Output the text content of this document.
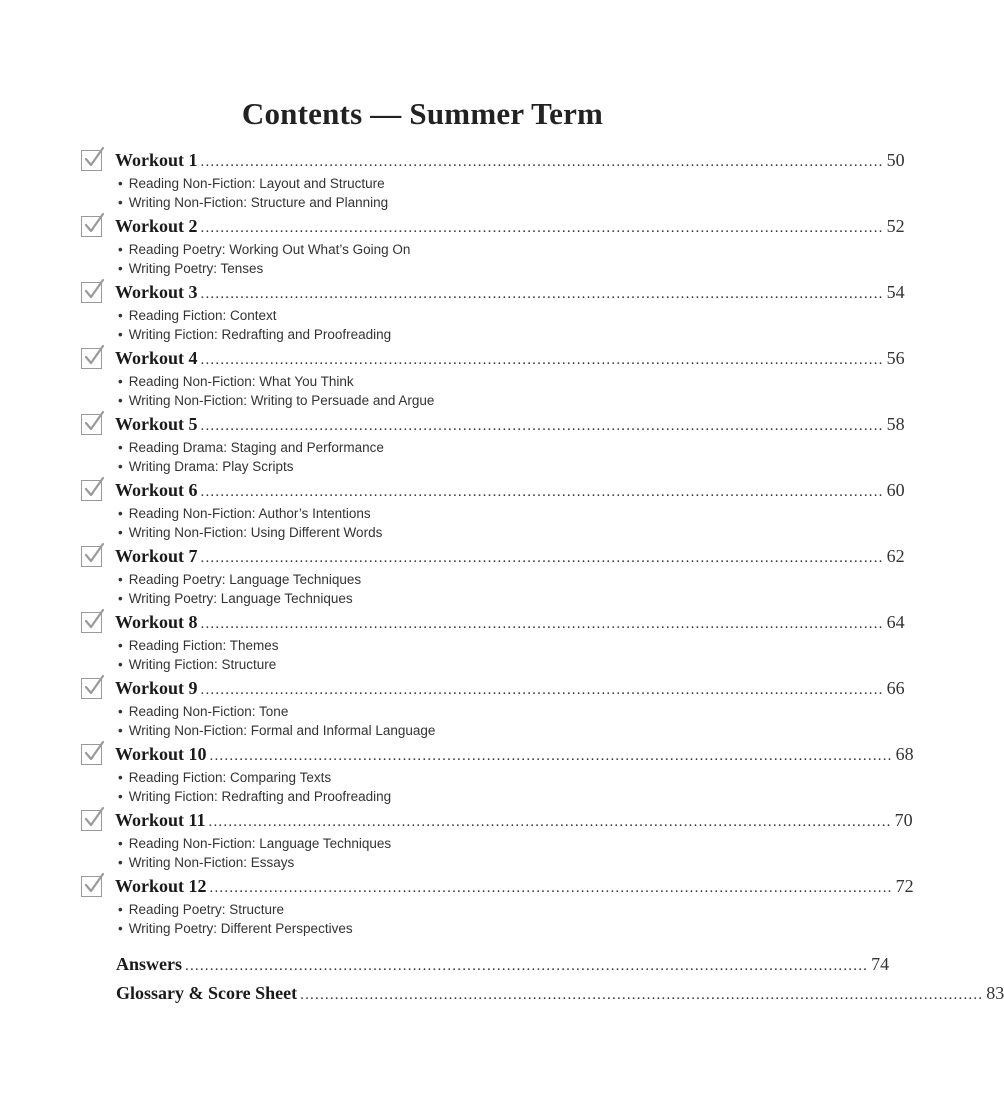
Contents — Summer Term
Workout 1 .......................................................................................................................................... 50
• Reading Non-Fiction: Layout and Structure
• Writing Non-Fiction: Structure and Planning
Workout 2 .......................................................................................................................................... 52
• Reading Poetry: Working Out What’s Going On
• Writing Poetry: Tenses
Workout 3 .......................................................................................................................................... 54
• Reading Fiction: Context
• Writing Fiction: Redrafting and Proofreading
Workout 4 .......................................................................................................................................... 56
• Reading Non-Fiction: What You Think
• Writing Non-Fiction: Writing to Persuade and Argue
Workout 5 .......................................................................................................................................... 58
• Reading Drama: Staging and Performance
• Writing Drama: Play Scripts
Workout 6 .......................................................................................................................................... 60
• Reading Non-Fiction: Author’s Intentions
• Writing Non-Fiction: Using Different Words
Workout 7 .......................................................................................................................................... 62
• Reading Poetry: Language Techniques
• Writing Poetry: Language Techniques
Workout 8 .......................................................................................................................................... 64
• Reading Fiction: Themes
• Writing Fiction: Structure
Workout 9 .......................................................................................................................................... 66
• Reading Non-Fiction: Tone
• Writing Non-Fiction: Formal and Informal Language
Workout 10 .......................................................................................................................................... 68
• Reading Fiction: Comparing Texts
• Writing Fiction: Redrafting and Proofreading
Workout 11 .......................................................................................................................................... 70
• Reading Non-Fiction: Language Techniques
• Writing Non-Fiction: Essays
Workout 12 .......................................................................................................................................... 72
• Reading Poetry: Structure
• Writing Poetry: Different Perspectives
Answers .......................................................................................................................................... 74
Glossary & Score Sheet .......................................................................................................................................... 83
